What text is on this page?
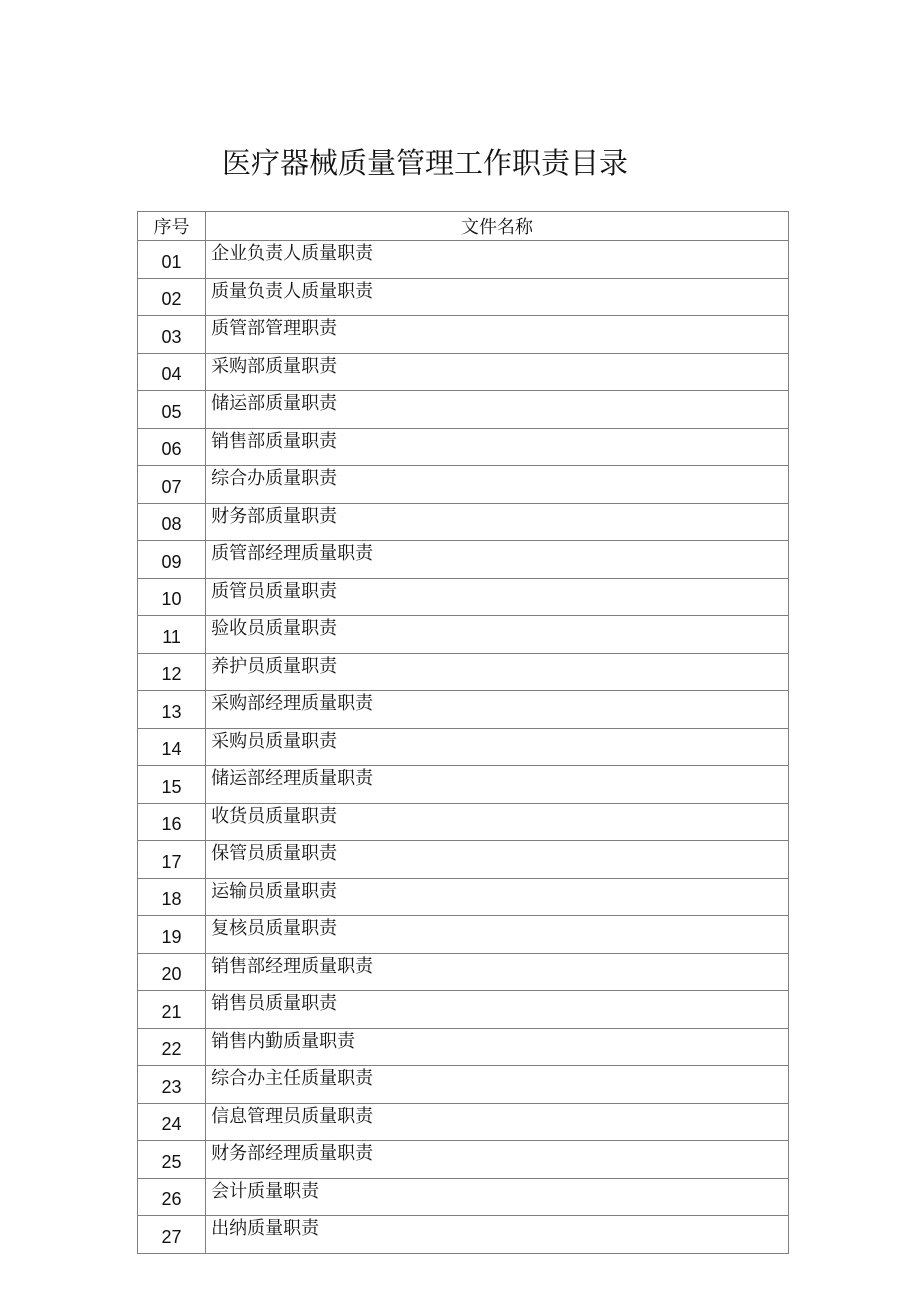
医疗器械质量管理工作职责目录
序号	文件名称
01	企业负责人质量职责
02	质量负责人质量职责
03	质管部管理职责
04	采购部质量职责
05	储运部质量职责
06	销售部质量职责
07	综合办质量职责
08	财务部质量职责
09	质管部经理质量职责
10	质管员质量职责
11	验收员质量职责
12	养护员质量职责
13	采购部经理质量职责
14	采购员质量职责
15	储运部经理质量职责
16	收货员质量职责
17	保管员质量职责
18	运输员质量职责
19	复核员质量职责
20	销售部经理质量职责
21	销售员质量职责
22	销售内勤质量职责
23	综合办主任质量职责
24	信息管理员质量职责
25	财务部经理质量职责
26	会计质量职责
27	出纳质量职责
